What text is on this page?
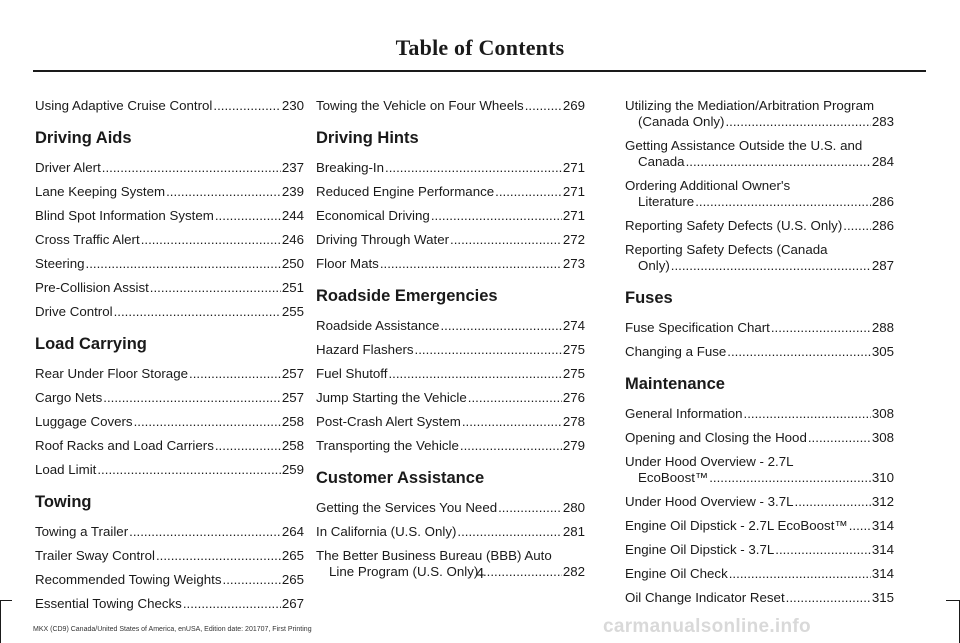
Table of Contents
Using Adaptive Cruise Control .....	230
Driving Aids
Driver Alert .....	237
Lane Keeping System .....	239
Blind Spot Information System .....	244
Cross Traffic Alert .....	246
Steering .....	250
Pre-Collision Assist .....	251
Drive Control .....	255
Load Carrying
Rear Under Floor Storage .....	257
Cargo Nets .....	257
Luggage Covers .....	258
Roof Racks and Load Carriers .....	258
Load Limit .....	259
Towing
Towing a Trailer .....	264
Trailer Sway Control .....	265
Recommended Towing Weights .....	265
Essential Towing Checks .....	267
Towing the Vehicle on Four Wheels .....	269
Driving Hints
Breaking-In .....	271
Reduced Engine Performance .....	271
Economical Driving .....	271
Driving Through Water .....	272
Floor Mats .....	273
Roadside Emergencies
Roadside Assistance .....	274
Hazard Flashers .....	275
Fuel Shutoff .....	275
Jump Starting the Vehicle .....	276
Post-Crash Alert System .....	278
Transporting the Vehicle .....	279
Customer Assistance
Getting the Services You Need .....	280
In California (U.S. Only) .....	281
The Better Business Bureau (BBB) Auto
Line Program (U.S. Only) .....	282
Utilizing the Mediation/Arbitration Program
(Canada Only) .....	283
Getting Assistance Outside the U.S. and
Canada .....	284
Ordering Additional Owner's
Literature .....	286
Reporting Safety Defects (U.S. Only) ..... 286
Reporting Safety Defects (Canada
Only) .....	287
Fuses
Fuse Specification Chart .....	288
Changing a Fuse .....	305
Maintenance
General Information .....	308
Opening and Closing the Hood .....	308
Under Hood Overview - 2.7L
EcoBoost™ .....	310
Under Hood Overview - 3.7L .....	312
Engine Oil Dipstick - 2.7L EcoBoost™ ..... 314
Engine Oil Dipstick - 3.7L .....	314
Engine Oil Check .....	314
Oil Change Indicator Reset .....	315
4
MKX (CD9) Canada/United States of America, enUSA, Edition date: 201707, First Printing	carmanualsonline.info
